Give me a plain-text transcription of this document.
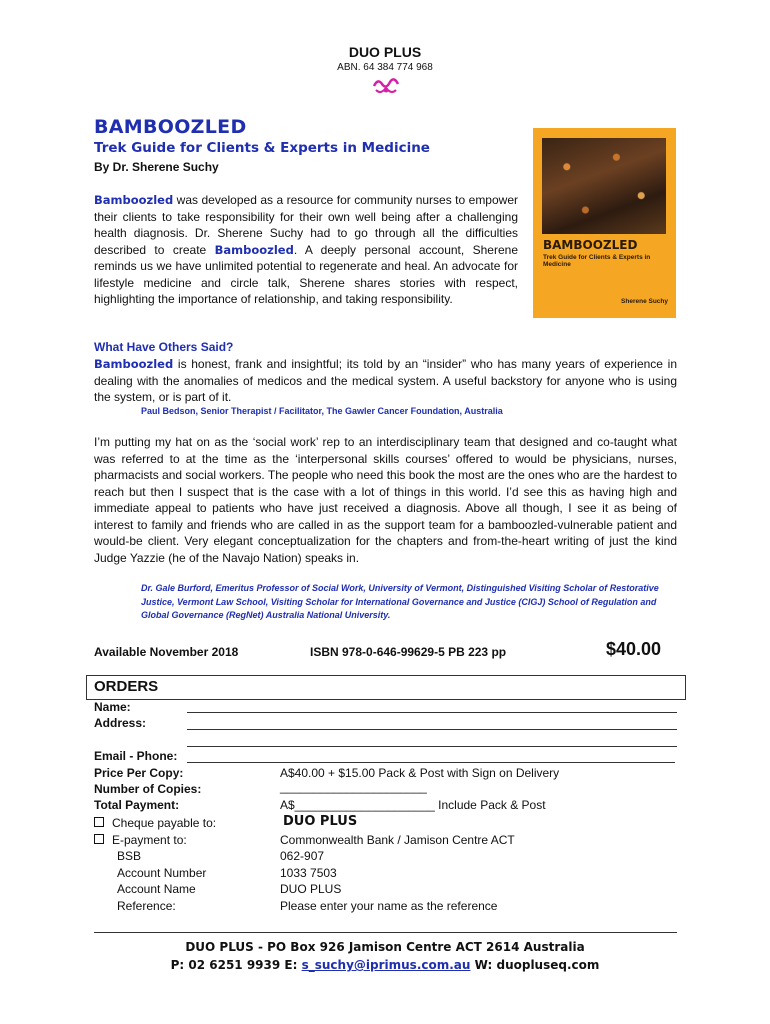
DUO PLUS
ABN. 64 384 774 968
BAMBOOZLED
Trek Guide for Clients & Experts in Medicine
By Dr. Sherene Suchy
Bamboozled was developed as a resource for community nurses to empower their clients to take responsibility for their own well being after a challenging health diagnosis. Dr. Sherene Suchy had to go through all the difficulties described to create Bamboozled. A deeply personal account, Sherene reminds us we have unlimited potential to regenerate and heal. An advocate for lifestyle medicine and circle talk, Sherene shares stories with respect, highlighting the importance of relationship, and taking responsibility.
BAMBOOZLED
Trek Guide for Clients & Experts in Medicine
Sherene Suchy
What Have Others Said?
Bamboozled is honest, frank and insightful; its told by an “insider” who has many years of experience in dealing with the anomalies of medicos and the medical system. A useful backstory for anyone who is using the system, or is part of it.
Paul Bedson, Senior Therapist / Facilitator, The Gawler Cancer Foundation, Australia
I’m putting my hat on as the ‘social work’ rep to an interdisciplinary team that designed and co-taught what was referred to at the time as the ‘interpersonal skills courses’ offered to would be physicians, nurses, pharmacists and social workers. The people who need this book the most are the ones who are the hardest to reach but then I suspect that is the case with a lot of things in this world. I’d see this as having high and immediate appeal to patients who have just received a diagnosis. Above all though, I see it as being of interest to family and friends who are called in as the support team for a bamboozled-vulnerable patient and would-be client. Very elegant conceptualization for the chapters and from-the-heart writing of just the kind Judge Yazzie (he of the Navajo Nation) speaks in.
Dr. Gale Burford, Emeritus Professor of Social Work, University of Vermont, Distinguished Visiting Scholar of Restorative Justice, Vermont Law School, Visiting Scholar for International Governance and Justice (CIGJ) School of Regulation and Global Governance (RegNet) Australia National University.
Available November 2018	ISBN 978-0-646-99629-5 PB 223 pp	$40.00
ORDERS
Name:
Address:
Email - Phone:
Price Per Copy:	A$40.00 + $15.00 Pack & Post with Sign on Delivery
Number of Copies:	______________________
Total Payment:	A$_____________________ Include Pack & Post
Cheque payable to:	DUO PLUS
E-payment to:	Commonwealth Bank / Jamison Centre ACT
BSB	062-907
Account Number	1033 7503
Account Name	DUO PLUS
Reference:	Please enter your name as the reference
DUO PLUS - PO Box 926 Jamison Centre ACT 2614 Australia
P: 02 6251 9939 E: s_suchy@iprimus.com.au W: duopluseq.com
